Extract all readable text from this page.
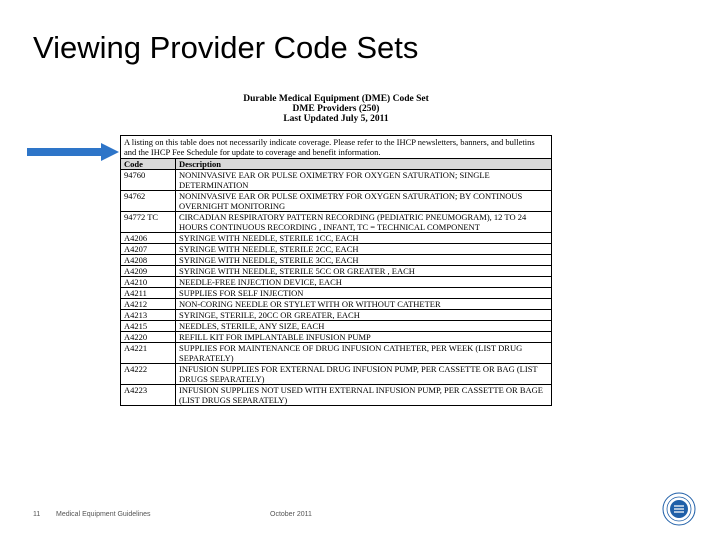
Viewing Provider Code Sets
Durable Medical Equipment (DME) Code Set
DME Providers (250)
Last Updated July 5, 2011
A listing on this table does not necessarily indicate coverage. Please refer to the IHCP newsletters, banners, and bulletins and the IHCP Fee Schedule for update to coverage and benefit information.	
Code	Description
94760	NONINVASIVE EAR OR PULSE OXIMETRY FOR OXYGEN SATURATION; SINGLE DETERMINATION
94762	NONINVASIVE EAR OR PULSE OXIMETRY FOR OXYGEN SATURATION; BY CONTINOUS OVERNIGHT MONITORING
94772 TC	CIRCADIAN RESPIRATORY PATTERN RECORDING (PEDIATRIC PNEUMOGRAM), 12 TO 24 HOURS CONTINUOUS RECORDING , INFANT, TC = TECHNICAL COMPONENT
A4206	SYRINGE WITH NEEDLE, STERILE 1CC, EACH
A4207	SYRINGE WITH NEEDLE, STERILE 2CC, EACH
A4208	SYRINGE WITH NEEDLE, STERILE 3CC, EACH
A4209	SYRINGE WITH NEEDLE, STERILE 5CC OR GREATER , EACH
A4210	NEEDLE-FREE INJECTION DEVICE, EACH
A4211	SUPPLIES FOR SELF INJECTION
A4212	NON-CORING NEEDLE OR STYLET WITH OR WITHOUT CATHETER
A4213	SYRINGE, STERILE, 20CC OR GREATER, EACH
A4215	NEEDLES, STERILE, ANY SIZE, EACH
A4220	REFILL KIT FOR IMPLANTABLE INFUSION PUMP
A4221	SUPPLIES FOR MAINTENANCE OF DRUG INFUSION CATHETER, PER WEEK (LIST DRUG SEPARATELY)
A4222	INFUSION SUPPLIES FOR EXTERNAL DRUG INFUSION PUMP, PER CASSETTE OR BAG (LIST DRUGS SEPARATELY)
A4223	INFUSION SUPPLIES NOT USED WITH EXTERNAL INFUSION PUMP, PER CASSETTE OR BAGE (LIST DRUGS SEPARATELY)
11 Medical Equipment Guidelines	October 2011
